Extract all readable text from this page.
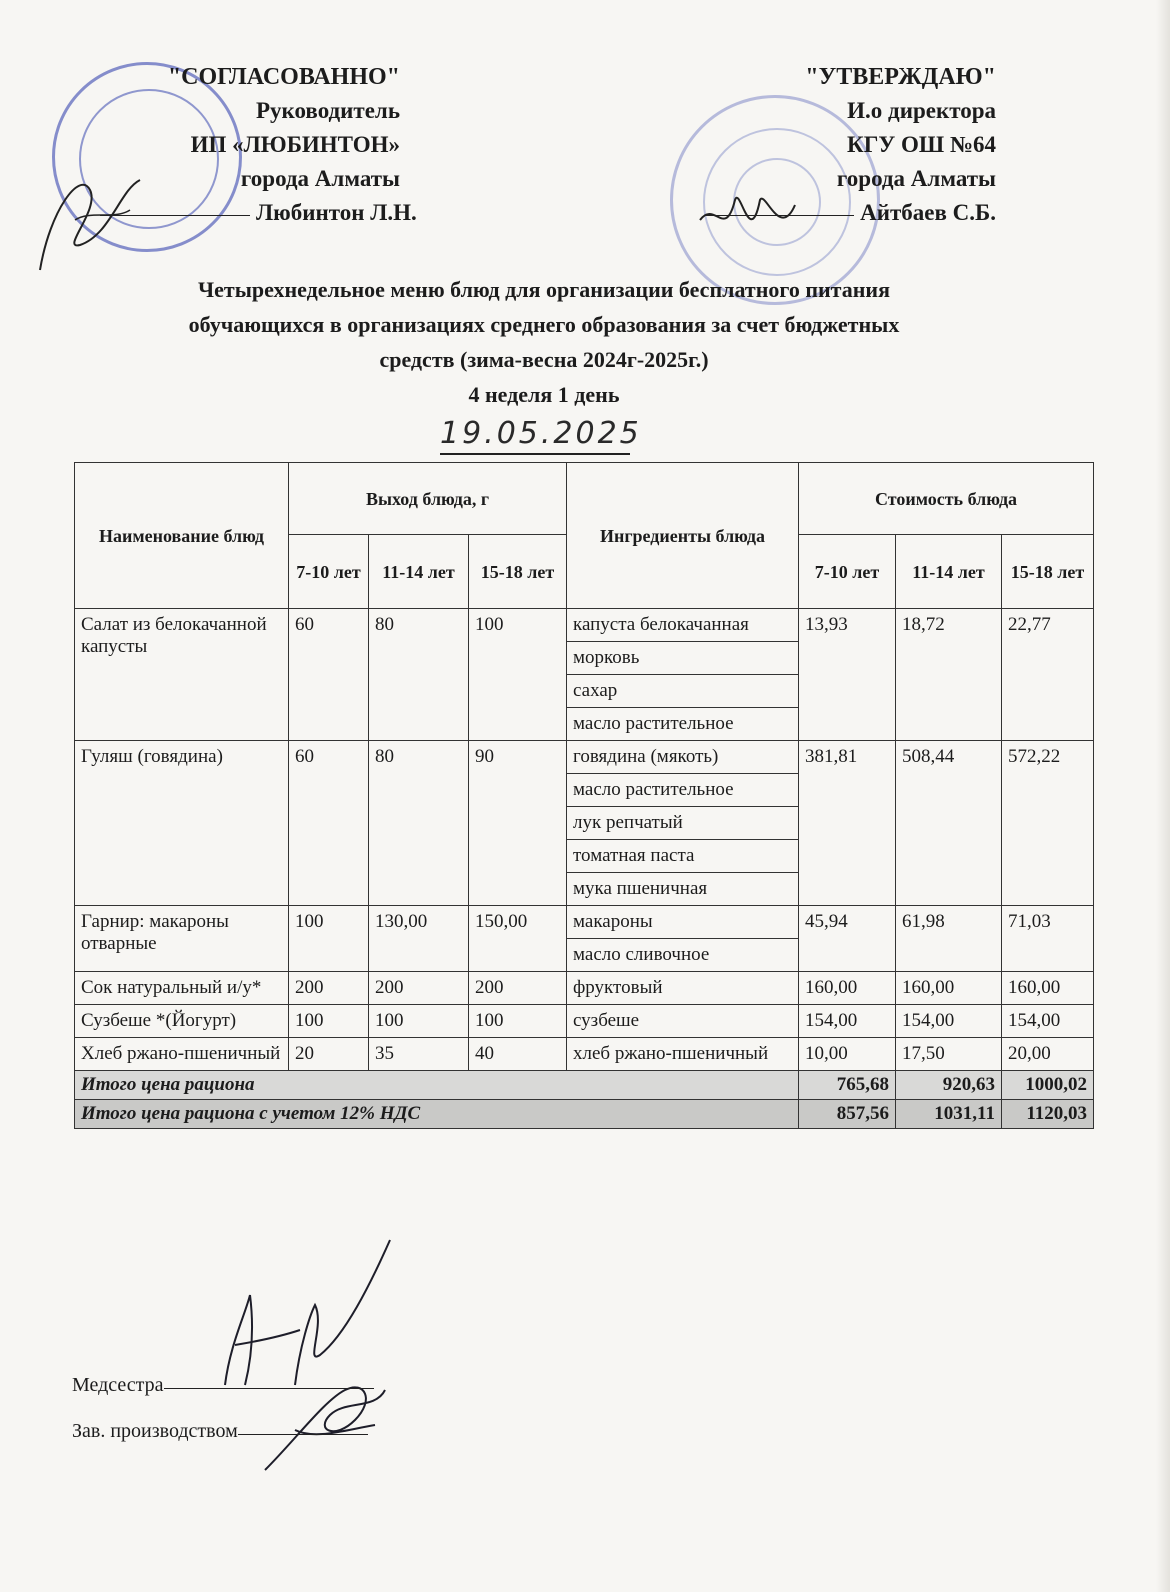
"СОГЛАСОВАННО"
Руководитель
ИП «ЛЮБИНТОН»
города Алматы
Любинтон Л.Н.
"УТВЕРЖДАЮ"
И.о директора
КГУ ОШ №64
города Алматы
Айтбаев С.Б.
Четырехнедельное меню блюд для организации бесплатного питания
обучающихся в организациях среднего образования за счет бюджетных
средств (зима-весна 2024г-2025г.)
4 неделя 1 день
19.05.2025
Наименование блюд	Выход блюда, г			Ингредиенты блюда	Стоимость блюда		
	7-10 лет	11-14 лет	15-18 лет		7-10 лет	11-14 лет	15-18 лет
Салат из белокачанной капусты	60	80	100	капуста белокачанная	13,93	18,72	22,77
				морковь			
				сахар			
				масло растительное			
Гуляш (говядина)	60	80	90	говядина (мякоть)	381,81	508,44	572,22
				масло растительное			
				лук репчатый			
				томатная паста			
				мука пшеничная			
Гарнир: макароны отварные	100	130,00	150,00	макароны	45,94	61,98	71,03
				масло сливочное			
Сок натуральный и/у*	200	200	200	фруктовый	160,00	160,00	160,00
Сузбеше *(Йогурт)	100	100	100	сузбеше	154,00	154,00	154,00
Хлеб ржано-пшеничный	20	35	40	хлеб ржано-пшеничный	10,00	17,50	20,00
Итого цена рациона					765,68	920,63	1000,02
Итого цена рациона с учетом 12% НДС					857,56	1031,11	1120,03
Медсестра
Зав. производством
